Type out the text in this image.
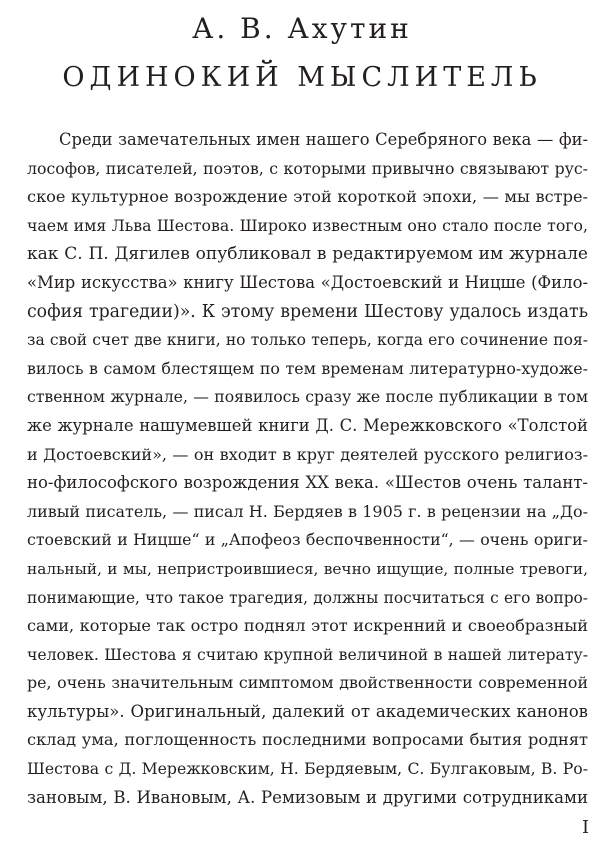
А. В. Ахутин
ОДИНОКИЙ МЫСЛИТЕЛЬ
Среди замечательных имен нашего Серебряного века — фи-
лософов, писателей, поэтов, с которыми привычно связывают рус-
ское культурное возрождение этой короткой эпохи, — мы встре-
чаем имя Льва Шестова. Широко известным оно стало после того,
как С. П. Дягилев опубликовал в редактируемом им журнале
«Мир искусства» книгу Шестова «Достоевский и Ницше (Фило-
софия трагедии)». К этому времени Шестову удалось издать
за свой счет две книги, но только теперь, когда его сочинение поя-
вилось в самом блестящем по тем временам литературно-художе-
ственном журнале, — появилось сразу же после публикации в том
же журнале нашумевшей книги Д. С. Мережковского «Толстой
и Достоевский», — он входит в круг деятелей русского религиоз-
но-философского возрождения XX века. «Шестов очень талант-
ливый писатель, — писал Н. Бердяев в 1905 г. в рецензии на „До-
стоевский и Ницше“ и „Апофеоз беспочвенности“, — очень ориги-
нальный, и мы, непристроившиеся, вечно ищущие, полные тревоги,
понимающие, что такое трагедия, должны посчитаться с его вопро-
сами, которые так остро поднял этот искренний и своеобразный
человек. Шестова я считаю крупной величиной в нашей литерату-
ре, очень значительным симптомом двойственности современной
культуры». Оригинальный, далекий от академических канонов
склад ума, поглощенность последними вопросами бытия роднят
Шестова с Д. Мережковским, Н. Бердяевым, С. Булгаковым, В. Ро-
зановым, В. Ивановым, А. Ремизовым и другими сотрудниками
I
